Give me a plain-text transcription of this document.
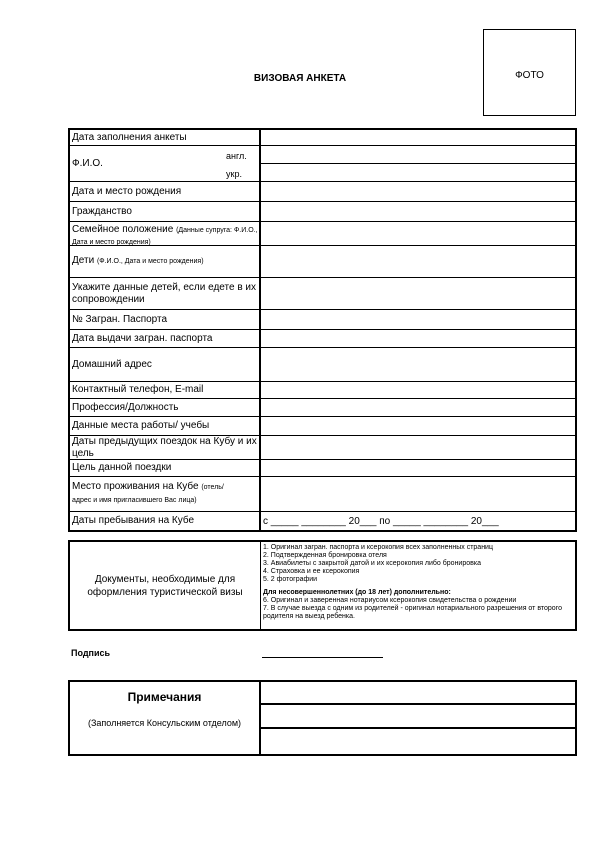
ВИЗОВАЯ АНКЕТА	ФОТО
Дата заполнения анкеты
Ф.И.О.
англ.
укр.
Дата и место рождения
Гражданство
Семейное положение (Данные супруга: Ф.И.О., Дата и место рождения)
Дети (Ф.И.О., Дата и место рождения)
Укажите данные детей, если едете в их сопровождении
№ Загран. Паспорта
Дата выдачи загран. паспорта
Домашний адрес
Контактный телефон, E-mail
Профессия/Должность
Данные места работы/ учебы
Даты предыдущих поездок на Кубу и их цель
Цель данной поездки
Место проживания на Кубе (отель/
адрес и имя пригласившего Вас лица)
Даты пребывания на Кубе	с _____ ________ 20___ по _____ ________ 20___
Документы, необходимые для оформления туристической визы
1. Оригинал загран. паспорта и ксерокопия всех заполненных страниц
2. Подтвержденная бронировка отеля
3. Авиабилеты с закрытой датой и их ксерокопия либо бронировка
4. Страховка и ее ксерокопия
5. 2 фотографии
Для несовершеннолетних (до 18 лет) дополнительно:
6. Оригинал и заверенная нотариусом ксерокопия свидетельства о рождении
7. В случае выезда с одним из родителей - оригинал нотариального разрешения от второго родителя на выезд ребенка.
Подпись
Примечания
(Заполняется Консульским отделом)
